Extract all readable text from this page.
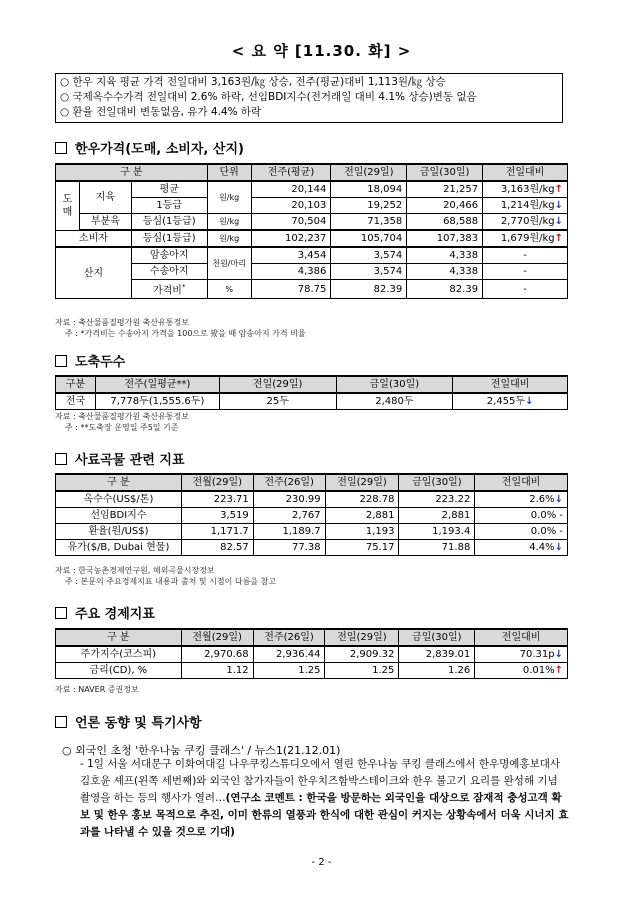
< 요 약 [11.30. 화] >
○ 한우 지육 평균 가격 전일대비 3,163원/㎏ 상승, 전주(평균)대비 1,113원/㎏ 상승
○ 국제옥수수가격 전일대비 2.6% 하락, 선임BDI지수(전거래일 대비 4.1% 상승)변동 없음
○ 환율 전일대비 변동없음, 유가 4.4% 하락
한우가격(도매, 소비자, 산지)
구 분			단위	전주(평균)	전일(29일)	금일(30일)	전일대비
도매	지육	평균	원/kg	20,144	18,094	21,257	3,163원/kg↑
		1등급		20,103	19,252	20,466	1,214원/kg↓
	부분육	등심(1등급)	원/kg	70,504	71,358	68,588	2,770원/kg↓
소비자		등심(1등급)	원/kg	102,237	105,704	107,383	1,679원/kg↑
산지		암송아지	천원/마리	3,454	3,574	4,338	-
		수송아지		4,386	3,574	4,338	-
		가격비*	%	78.75	82.39	82.39	-
자료 : 축산물품질평가원 축산유통정보
주 : *가격비는 수송아지 가격을 100으로 봤을 때 암송아지 가격 비율
도축두수
구분	전주(일평균**)	전일(29일)	금일(30일)	전일대비
전국	7,778두(1,555.6두)	25두	2,480두	2,455두↓
자료 : 축산물품질평가원 축산유통정보
주 : **도축장 운영일 주5일 기준
사료곡물 관련 지표
구 분	전월(29일)	전주(26일)	전일(29일)	금일(30일)	전일대비
옥수수(US$/톤)	223.71	230.99	228.78	223.22	2.6%↓
선임BDI지수	3,519	2,767	2,881	2,881	0.0% -
환율(원/US$)	1,171.7	1,189.7	1,193	1,193.4	0.0% -
유가($/B, Dubai 현물)	82.57	77.38	75.17	71.88	4.4%↓
자료 : 한국농촌경제연구원, 해외곡물시장정보
주 : 본문의 주요경제지표 내용과 출처 및 시점이 다름을 참고
주요 경제지표
구 분	전월(29일)	전주(26일)	전일(29일)	금일(30일)	전일대비
주가지수(코스피)	2,970.68	2,936.44	2,909.32	2,839.01	70.31p↓
금리(CD), %	1.12	1.25	1.25	1.26	0.01%↑
자료 : NAVER 증권정보
언론 동향 및 특기사항
○ 외국인 초청 '한우나눔 쿠킹 클래스' / 뉴스1(21.12.01)
- 1일 서울 서대문구 이화여대길 나우쿠킹스튜디오에서 열린 한우나눔 쿠킹 클래스에서 한우명예홍보대사 김호윤 셰프(왼쪽 세번째)와 외국인 참가자들이 한우치즈함박스테이크와 한우 불고기 요리를 완성해 기념 촬영을 하는 등의 행사가 열려…(연구소 코멘트 : 한국을 방문하는 외국인을 대상으로 잠재적 충성고객 확보 및 한우 홍보 목적으로 추진, 이미 한류의 열풍과 한식에 대한 관심이 커지는 상황속에서 더욱 시너지 효과를 나타낼 수 있을 것으로 기대)
- 2 -
